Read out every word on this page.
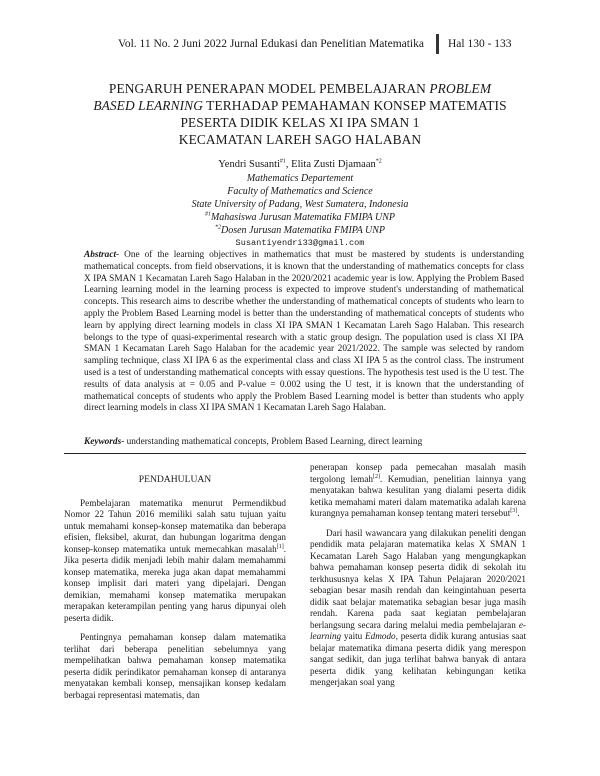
Vol. 11 No. 2 Juni 2022 Jurnal Edukasi dan Penelitian Matematika Hal 130 - 133
PENGARUH PENERAPAN MODEL PEMBELAJARAN PROBLEM
BASED LEARNING TERHADAP PEMAHAMAN KONSEP MATEMATIS
PESERTA DIDIK KELAS XI IPA SMAN 1
KECAMATAN LAREH SAGO HALABAN
Yendri Susanti$^{\#1}$, Elita Zusti Djamaan$^{*2}$
Mathematics Departement
Faculty of Mathematics and Science
State University of Padang, West Sumatera, Indonesia
$^{\#1}$Mahasiswa Jurusan Matematika FMIPA UNP
$^{*2}$Dosen Jurusan Matematika FMIPA UNP
Susantiyendri33@gmail.com
Abstract- One of the learning objectives in mathematics that must be mastered by students is understanding mathematical concepts. from field observations, it is known that the understanding of mathematics concepts for class X IPA SMAN 1 Kecamatan Lareh Sago Halaban in the 2020/2021 academic year is low. Applying the Problem Based Learning learning model in the learning process is expected to improve student's understanding of mathematical concepts. This research aims to describe whether the understanding of mathematical concepts of students who learn to apply the Problem Based Learning model is better than the understanding of mathematical concepts of students who learn by applying direct learning models in class XI IPA SMAN 1 Kecamatan Lareh Sago Halaban. This research belongs to the type of quasi-experimental research with a static group design. The population used is class XI IPA SMAN 1 Kecamatan Lareh Sago Halaban for the academic year 2021/2022. The sample was selected by random sampling technique, class XI IPA 6 as the experimental class and class XI IPA 5 as the control class. The instrument used is a test of understanding mathematical concepts with essay questions. The hypothesis test used is the U test. The results of data analysis at = 0.05 and P-value = 0.002 using the U test, it is known that the understanding of mathematical concepts of students who apply the Problem Based Learning model is better than students who apply direct learning models in class XI IPA SMAN 1 Kecamatan Lareh Sago Halaban.
Keywords- understanding mathematical concepts, Problem Based Learning, direct learning
PENDAHULUAN

Pembelajaran matematika menurut Permendikbud Nomor 22 Tahun 2016 memiliki salah satu tujuan yaitu untuk memahami konsep-konsep matematika dan beberapa efisien, fleksibel, akurat, dan hubungan logaritma dengan konsep-konsep matematika untuk memecahkan masalah[1]. Jika peserta didik menjadi lebih mahir dalam memahammi konsep matematika, mereka juga akan dapat memahammi konsep implisit dari materi yang dipelajari. Dengan demikian, memahami konsep matematika merupakan merapakan keterampilan penting yang harus dipunyai oleh peserta didik.

Pentingnya pemahaman konsep dalam matematika terlihat dari beberapa penelitian sebelumnya yang mempelihatkan bahwa pemahaman konsep matematika peserta didik perindikator pemahaman konsep di antaranya menyatakan kembali konsep, mensajikan konsep kedalam berbagai representasi matematis, dan

penerapan konsep pada pemecahan masalah masih tergolong lemah[2]. Kemudian, penelitian lainnya yang menyatakan bahwa kesulitan yang dialami peserta didik ketika memahami materi dalam matematika adalah karena kurangnya pemahaman konsep tentang materi tersebut[3].

Dari hasil wawancara yang dilakukan peneliti dengan pendidik mata pelajaran matematika kelas X SMAN 1 Kecamatan Lareh Sago Halaban yang mengungkapkan bahwa pemahaman konsep peserta didik di sekolah itu terkhususnya kelas X IPA Tahun Pelajaran 2020/2021 sebagian besar masih rendah dan keingintahuan peserta didik saat belajar matematika sebagian besar juga masih rendah. Karena pada saat kegiatan pembelajaran berlangsung secara daring melalui media pembelajaran e-learning yaitu Edmodo, peserta didik kurang antusias saat belajar matematika dimana peserta didik yang merespon sangat sedikit, dan juga terlihat bahwa banyak di antara peserta didik yang kelihatan kebingungan ketika mengerjakan soal yang
